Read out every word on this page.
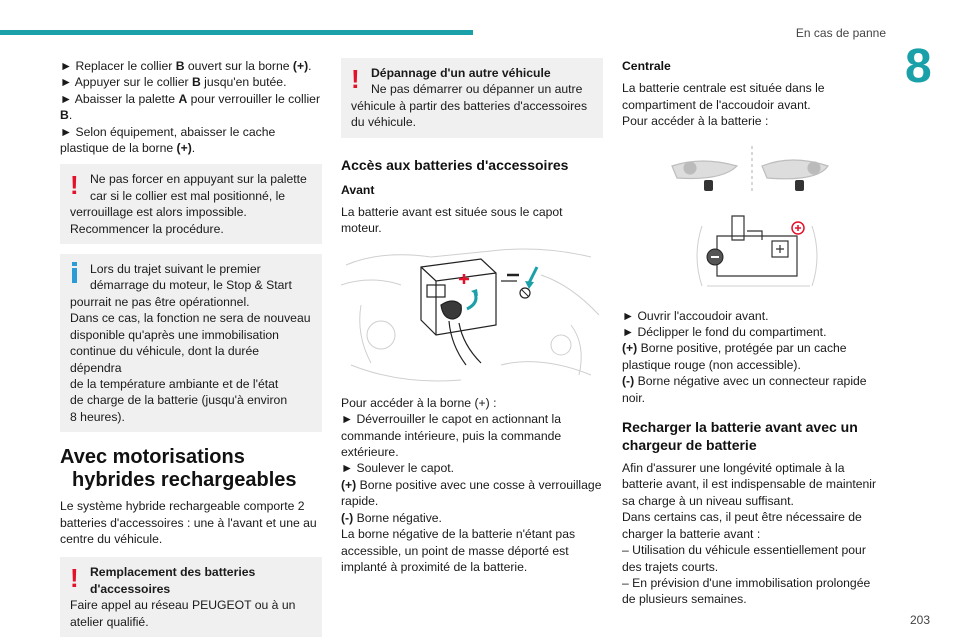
En cas de panne
8
► Replacer le collier B ouvert sur la borne (+).
► Appuyer sur le collier B jusqu'en butée.
► Abaisser la palette A pour verrouiller le collier B.
► Selon équipement, abaisser le cache plastique de la borne (+).
! Ne pas forcer en appuyant sur la palette
car si le collier est mal positionné, le
verrouillage est alors impossible.
Recommencer la procédure.
Lors du trajet suivant le premier
démarrage du moteur, le Stop & Start
pourrait ne pas être opérationnel.
Dans ce cas, la fonction ne sera de nouveau
disponible qu'après une immobilisation
continue du véhicule, dont la durée dépendra
de la température ambiante et de l'état
de charge de la batterie (jusqu'à environ
8 heures).
Avec motorisations
hybrides rechargeables
Le système hybride rechargeable comporte 2 batteries d'accessoires : une à l'avant et une au centre du véhicule.
! Remplacement des batteries
d'accessoires
Faire appel au réseau PEUGEOT ou à un atelier qualifié.
! Dépannage d'un autre véhicule
Ne pas démarrer ou dépanner un autre
véhicule à partir des batteries d'accessoires du véhicule.
Accès aux batteries d'accessoires
Avant
La batterie avant est située sous le capot moteur.
Pour accéder à la borne (+) :
► Déverrouiller le capot en actionnant la commande intérieure, puis la commande extérieure.
► Soulever le capot.
(+) Borne positive avec une cosse à verrouillage rapide.
(-) Borne négative.
La borne négative de la batterie n'étant pas accessible, un point de masse déporté est implanté à proximité de la batterie.
Centrale
La batterie centrale est située dans le compartiment de l'accoudoir avant.
Pour accéder à la batterie :
► Ouvrir l'accoudoir avant.
► Déclipper le fond du compartiment.
(+) Borne positive, protégée par un cache plastique rouge (non accessible).
(-) Borne négative avec un connecteur rapide noir.
Recharger la batterie avant avec un
chargeur de batterie
Afin d'assurer une longévité optimale à la batterie avant, il est indispensable de maintenir sa charge à un niveau suffisant.
Dans certains cas, il peut être nécessaire de charger la batterie avant :
– Utilisation du véhicule essentiellement pour des trajets courts.
– En prévision d'une immobilisation prolongée de plusieurs semaines.
203
